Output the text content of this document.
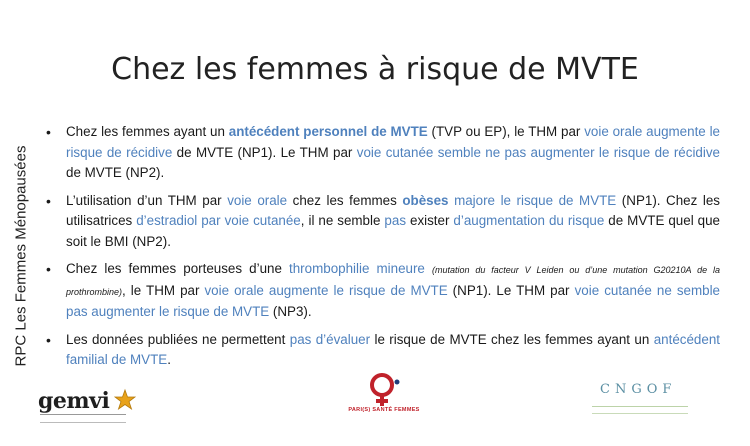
Chez les femmes à risque de MVTE
RPC Les Femmes Ménopausées
• Chez les femmes ayant un antécédent personnel de MVTE (TVP ou EP), le THM par voie orale augmente le risque de récidive de MVTE (NP1). Le THM par voie cutanée semble ne pas augmenter le risque de récidive de MVTE (NP2).
• L’utilisation d’un THM par voie orale chez les femmes obèses majore le risque de MVTE (NP1). Chez les utilisatrices d’estradiol par voie cutanée, il ne semble pas exister d’augmentation du risque de MVTE quel que soit le BMI (NP2).
• Chez les femmes porteuses d’une thrombophilie mineure (mutation du facteur V Leiden ou d’une mutation G20210A de la prothrombine), le THM par voie orale augmente le risque de MVTE (NP1). Le THM par voie cutanée ne semble pas augmenter le risque de MVTE (NP3).
• Les données publiées ne permettent pas d’évaluer le risque de MVTE chez les femmes ayant un antécédent familial de MVTE.
gemvi	PARI(S) SANTÉ FEMMES
CNGOF
